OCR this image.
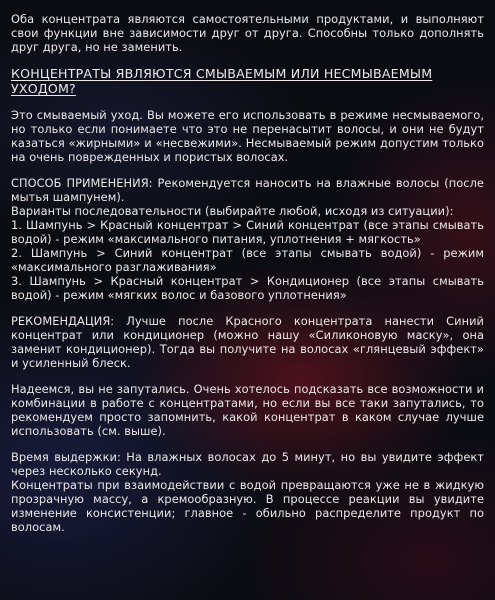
Оба концентрата являются самостоятельными продуктами, и выполняют свои функции вне зависимости друг от друга. Способны только дополнять друг друга, но не заменить.

КОНЦЕНТРАТЫ ЯВЛЯЮТСЯ СМЫВАЕМЫМ ИЛИ НЕСМЫВАЕМЫМ УХОДОМ?

Это смываемый уход. Вы можете его использовать в режиме несмываемого, но только если понимаете что это не перенасытит волосы, и они не будут казаться «жирными» и «несвежими». Несмываемый режим допустим только на очень поврежденных и пористых волосах.

СПОСОБ ПРИМЕНЕНИЯ: Рекомендуется наносить на влажные волосы (после мытья шампунем).
Варианты последовательности (выбирайте любой, исходя из ситуации):
1. Шампунь > Красный концентрат > Синий концентрат (все этапы смывать водой) - режим «максимального питания, уплотнения + мягкость»
2. Шампунь > Синий концентрат (все этапы смывать водой) - режим «максимального разглаживания»
3. Шампунь > Красный концентрат > Кондиционер (все этапы смывать водой) - режим «мягких волос и базового уплотнения»

РЕКОМЕНДАЦИЯ: Лучше после Красного концентрата нанести Синий концентрат или кондиционер (можно нашу «Силиконовую маску», она заменит кондиционер). Тогда вы получите на волосах «глянцевый эффект» и усиленный блеск.

Надеемся, вы не запутались. Очень хотелось подсказать все возможности и комбинации в работе с концентратами, но если вы все таки запутались, то рекомендуем просто запомнить, какой концентрат в каком случае лучше использовать (см. выше).

Время выдержки: На влажных волосах до 5 минут, но вы увидите эффект через несколько секунд.
Концентраты при взаимодействии с водой превращаются уже не в жидкую прозрачную массу, а кремообразную. В процессе реакции вы увидите изменение консистенции; главное - обильно распределите продукт по волосам.
